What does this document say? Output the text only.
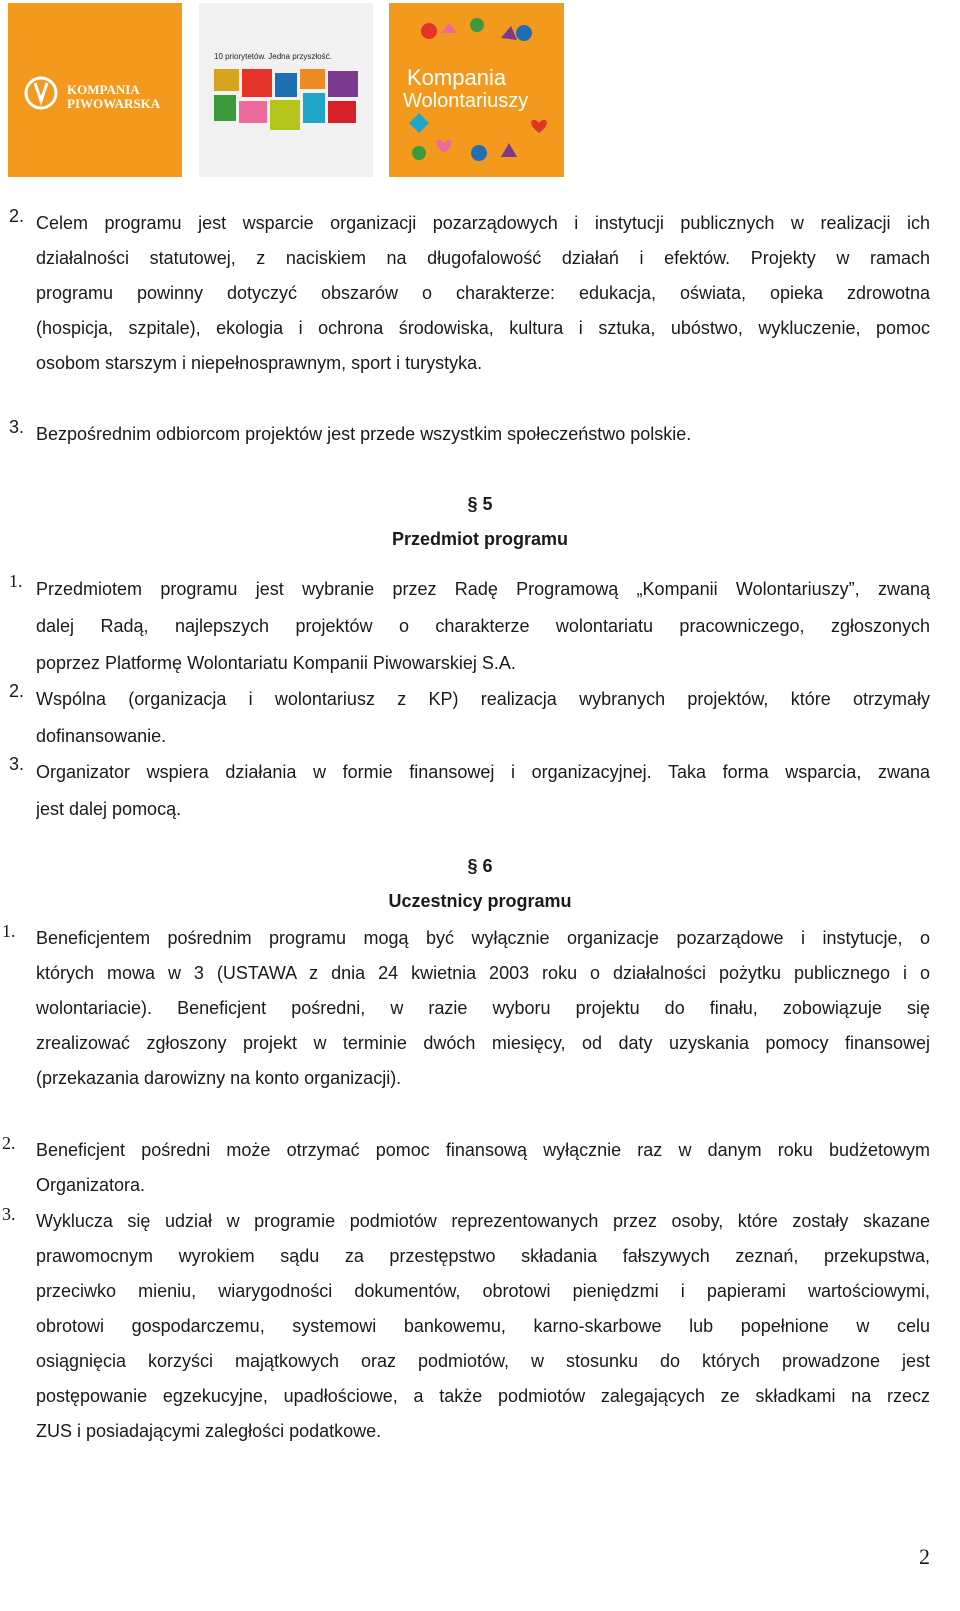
KOMPANIA
PIWOWARSKA
10 priorytetów. Jedna przyszłość.
Kompania
Wolontariuszy
2. Celem programu jest wsparcie organizacji pozarządowych i instytucji publicznych w realizacji ich
działalności statutowej, z naciskiem na długofalowość działań i efektów. Projekty w ramach
programu powinny dotyczyć obszarów o charakterze: edukacja, oświata, opieka zdrowotna
(hospicja, szpitale), ekologia i ochrona środowiska, kultura i sztuka, ubóstwo, wykluczenie, pomoc
osobom starszym i niepełnosprawnym, sport i turystyka.
3. Bezpośrednim odbiorcom projektów jest przede wszystkim społeczeństwo polskie.
§ 5
Przedmiot programu
1. Przedmiotem programu jest wybranie przez Radę Programową „Kompanii Wolontariuszy”, zwaną
dalej Radą, najlepszych projektów o charakterze wolontariatu pracowniczego, zgłoszonych
poprzez Platformę Wolontariatu Kompanii Piwowarskiej S.A.
2. Wspólna (organizacja i wolontariusz z KP) realizacja wybranych projektów, które otrzymały
dofinansowanie.
3. Organizator wspiera działania w formie finansowej i organizacyjnej. Taka forma wsparcia, zwana
jest dalej pomocą.
§ 6
Uczestnicy programu
1. Beneficjentem pośrednim programu mogą być wyłącznie organizacje pozarządowe i instytucje, o
których mowa w 3 (USTAWA z dnia 24 kwietnia 2003 roku o działalności pożytku publicznego i o
wolontariacie). Beneficjent pośredni, w razie wyboru projektu do finału, zobowiązuje się
zrealizować zgłoszony projekt w terminie dwóch miesięcy, od daty uzyskania pomocy finansowej
(przekazania darowizny na konto organizacji).
2. Beneficjent pośredni może otrzymać pomoc finansową wyłącznie raz w danym roku budżetowym
Organizatora.
3. Wyklucza się udział w programie podmiotów reprezentowanych przez osoby, które zostały skazane
prawomocnym wyrokiem sądu za przestępstwo składania fałszywych zeznań, przekupstwa,
przeciwko mieniu, wiarygodności dokumentów, obrotowi pieniędzmi i papierami wartościowymi,
obrotowi gospodarczemu, systemowi bankowemu, karno-skarbowe lub popełnione w celu
osiągnięcia korzyści majątkowych oraz podmiotów, w stosunku do których prowadzone jest
postępowanie egzekucyjne, upadłościowe, a także podmiotów zalegających ze składkami na rzecz
ZUS i posiadającymi zaległości podatkowe.
2
